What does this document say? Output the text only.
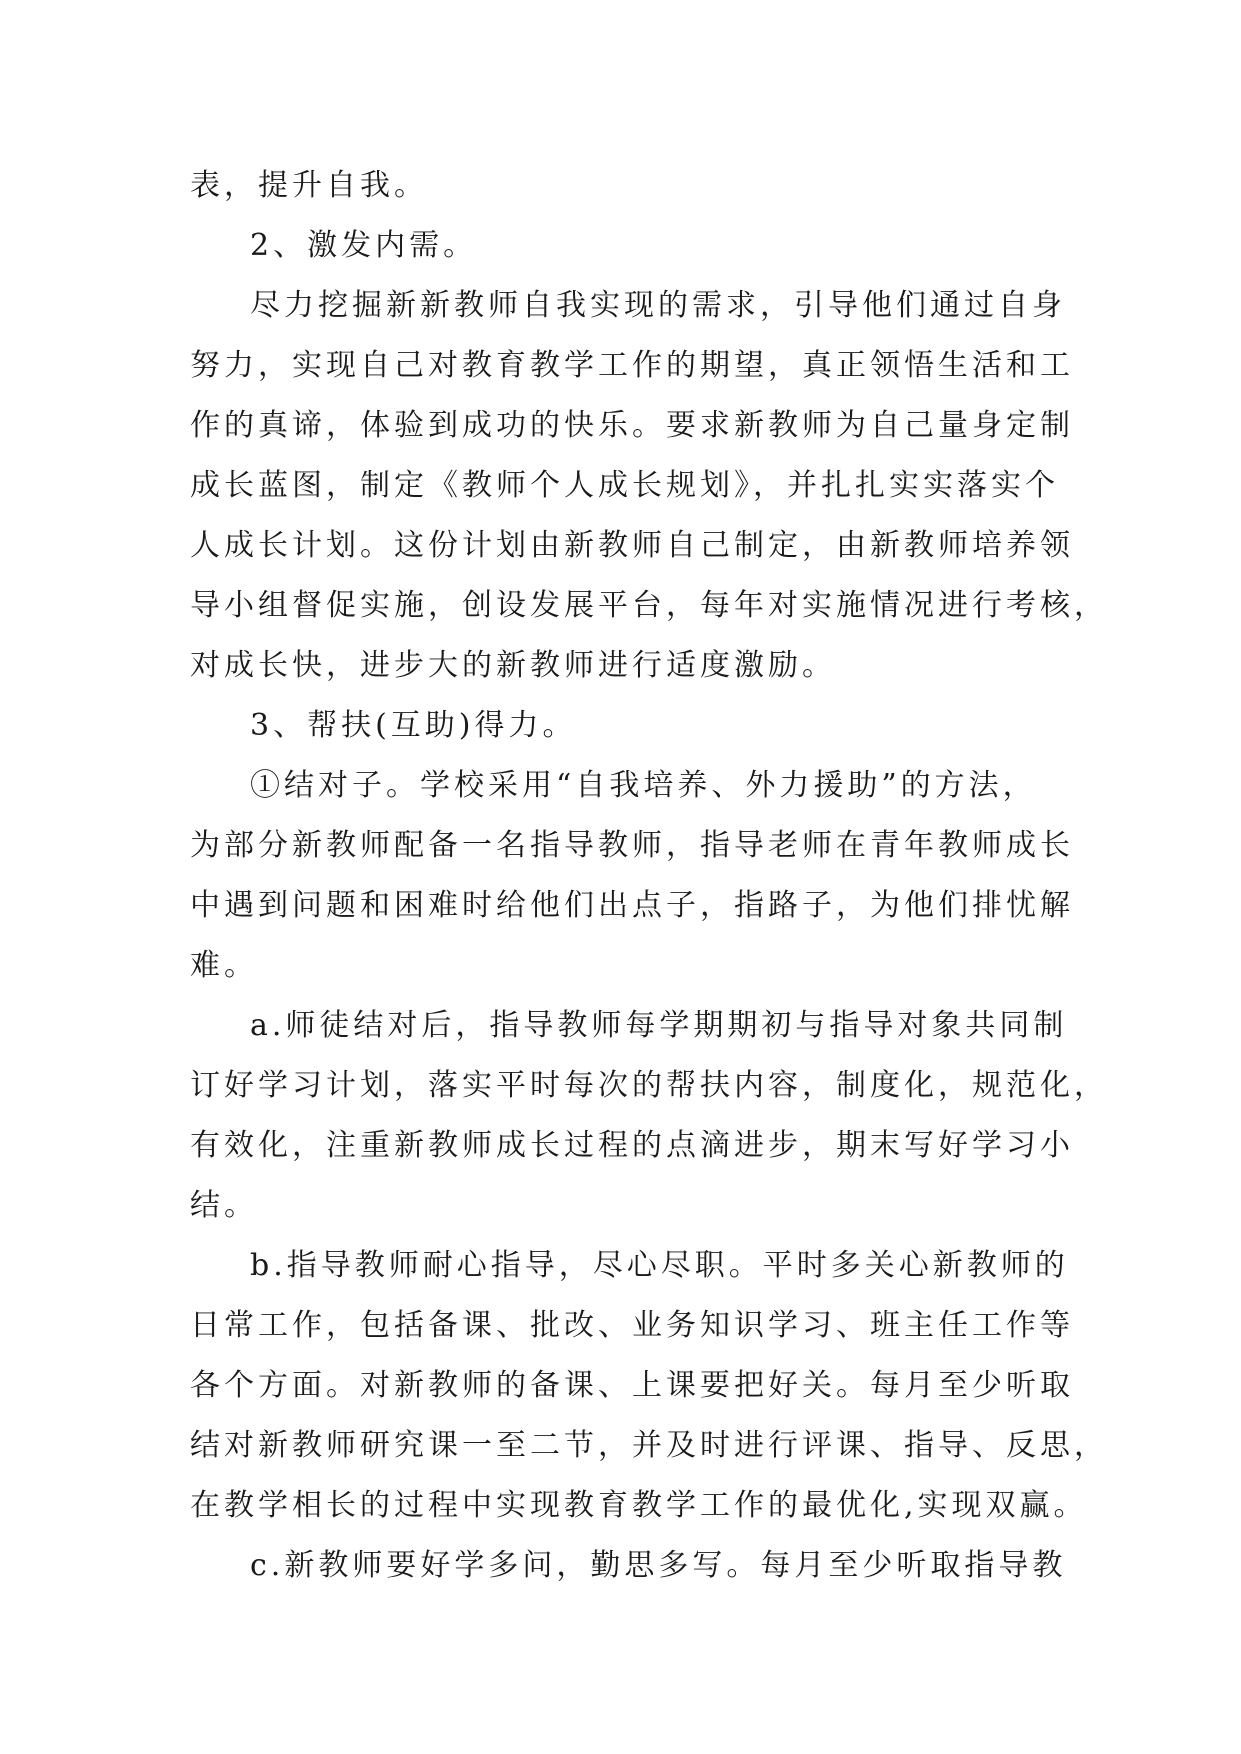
表，提升自我。
2、激发内需。
尽力挖掘新新教师自我实现的需求，引导他们通过自身
努力，实现自己对教育教学工作的期望，真正领悟生活和工
作的真谛，体验到成功的快乐。要求新教师为自己量身定制
成长蓝图，制定《教师个人成长规划》，并扎扎实实落实个
人成长计划。这份计划由新教师自己制定，由新教师培养领
导小组督促实施，创设发展平台，每年对实施情况进行考核，
对成长快，进步大的新教师进行适度激励。
3、帮扶(互助)得力。
①结对子。学校采用“自我培养、外力援助”的方法，
为部分新教师配备一名指导教师，指导老师在青年教师成长
中遇到问题和困难时给他们出点子，指路子，为他们排忧解
难。
a.师徒结对后，指导教师每学期期初与指导对象共同制
订好学习计划，落实平时每次的帮扶内容，制度化，规范化，
有效化，注重新教师成长过程的点滴进步，期末写好学习小
结。
b.指导教师耐心指导，尽心尽职。平时多关心新教师的
日常工作，包括备课、批改、业务知识学习、班主任工作等
各个方面。对新教师的备课、上课要把好关。每月至少听取
结对新教师研究课一至二节，并及时进行评课、指导、反思，
在教学相长的过程中实现教育教学工作的最优化,实现双赢。
c.新教师要好学多问，勤思多写。每月至少听取指导教
